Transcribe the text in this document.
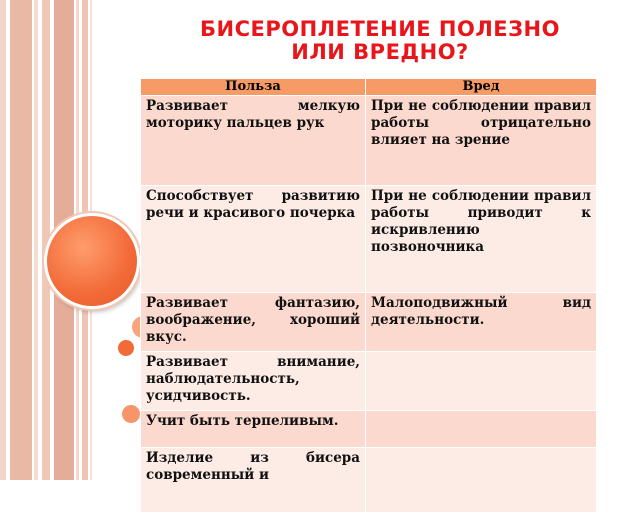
БИСЕРОПЛЕТЕНИЕ ПОЛЕЗНО
ИЛИ ВРЕДНО?
Польза	Вред
Развивает мелкую моторику пальцев рук	При не соблюдении правил работы отрицательно влияет на зрение
Способствует развитию речи и красивого почерка	При не соблюдении правил работы приводит к искривлению позвоночника
Развивает фантазию, воображение, хороший вкус.	Малоподвижный вид деятельности.
Развивает внимание, наблюдательность, усидчивость.	
Учит быть терпеливым.	
Изделие из бисера современный и	
